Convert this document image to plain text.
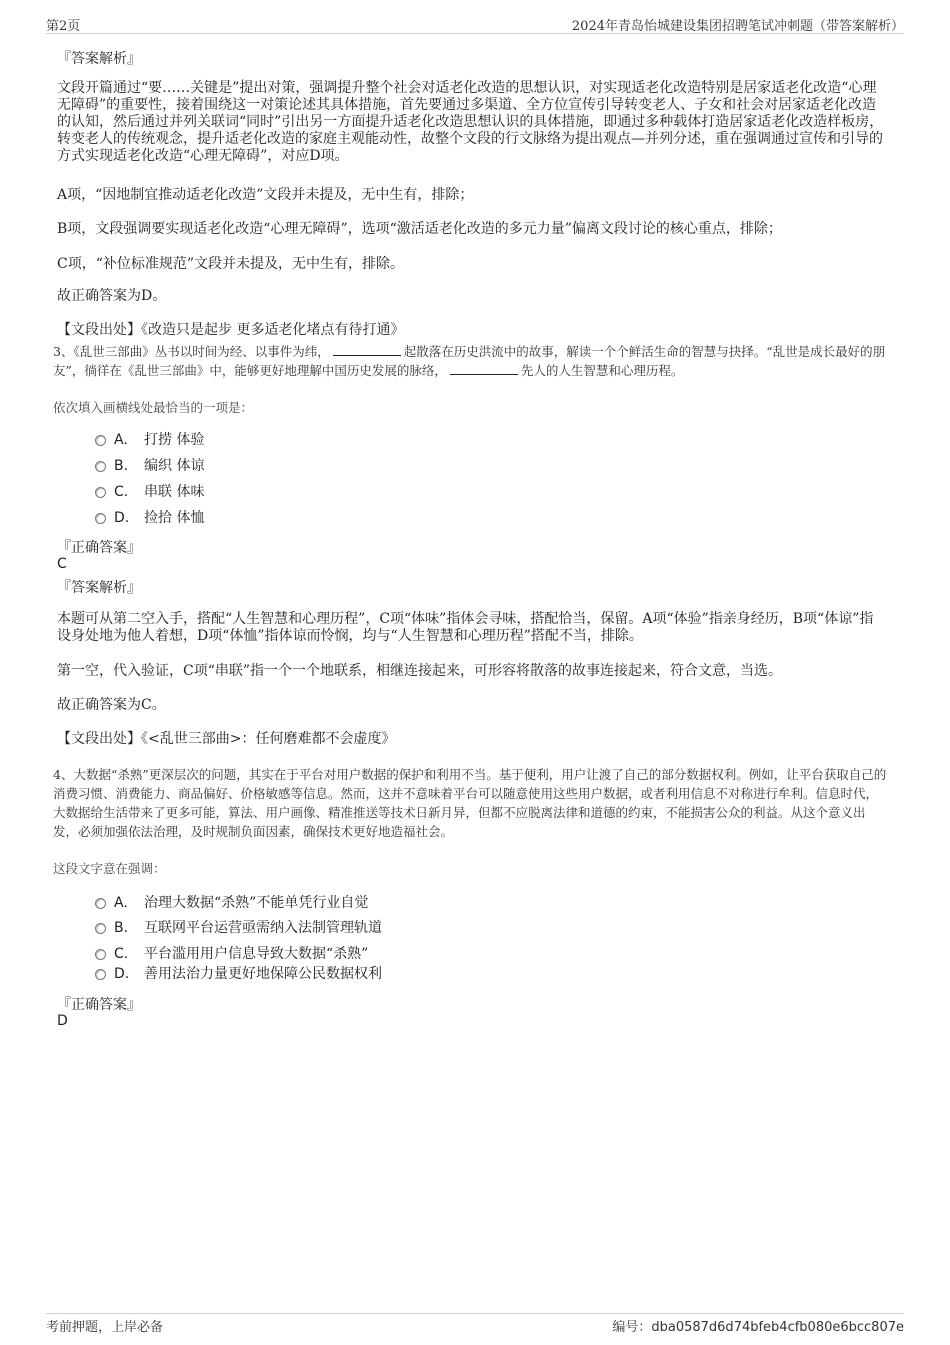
第2页	2024年青岛怡城建设集团招聘笔试冲刺题（带答案解析）
『答案解析』

文段开篇通过“要……关键是”提出对策，强调提升整个社会对适老化改造的思想认识，对实现适老化改造特别是居家适老化改造“心理无障碍”的重要性，接着围绕这一对策论述其具体措施，首先要通过多渠道、全方位宣传引导转变老人、子女和社会对居家适老化改造的认知，然后通过并列关联词“同时”引出另一方面提升适老化改造思想认识的具体措施，即通过多种载体打造居家适老化改造样板房，转变老人的传统观念，提升适老化改造的家庭主观能动性，故整个文段的行文脉络为提出观点—并列分述，重在强调通过宣传和引导的方式实现适老化改造“心理无障碍”，对应D项。

A项，“因地制宜推动适老化改造”文段并未提及，无中生有，排除；

B项，文段强调要实现适老化改造“心理无障碍”，选项“激活适老化改造的多元力量”偏离文段讨论的核心重点，排除；

C项，“补位标准规范”文段并未提及，无中生有，排除。

故正确答案为D。

【文段出处】《改造只是起步 更多适老化堵点有待打通》

3、《乱世三部曲》丛书以时间为经、以事件为纬，	起散落在历史洪流中的故事，解读一个个鲜活生命的智慧与抉择。“乱世是成长最好的朋友”，徜徉在《乱世三部曲》中，能够更好地理解中国历史发展的脉络，	先人的人生智慧和心理历程。
依次填入画横线处最恰当的一项是：
A. 打捞 体验
B. 编织 体谅
C. 串联 体味
D. 捡拾 体恤
『正确答案』
C
『答案解析』

本题可从第二空入手，搭配“人生智慧和心理历程”，C项“体味”指体会寻味，搭配恰当，保留。A项“体验”指亲身经历，B项“体谅”指设身处地为他人着想，D项“体恤”指体谅而怜悯，均与“人生智慧和心理历程”搭配不当，排除。

第一空，代入验证，C项“串联”指一个一个地联系，相继连接起来，可形容将散落的故事连接起来，符合文意，当选。

故正确答案为C。

【文段出处】《<乱世三部曲>：任何磨难都不会虚度》

4、大数据“杀熟”更深层次的问题，其实在于平台对用户数据的保护和利用不当。基于便利，用户让渡了自己的部分数据权利。例如，让平台获取自己的消费习惯、消费能力、商品偏好、价格敏感等信息。然而，这并不意味着平台可以随意使用这些用户数据，或者利用信息不对称进行牟利。信息时代，大数据给生活带来了更多可能，算法、用户画像、精准推送等技术日新月异，但都不应脱离法律和道德的约束，不能损害公众的利益。从这个意义出发，必须加强依法治理，及时规制负面因素，确保技术更好地造福社会。
这段文字意在强调：
A. 治理大数据“杀熟”不能单凭行业自觉
B. 互联网平台运营亟需纳入法制管理轨道
C. 平台滥用用户信息导致大数据“杀熟”
D. 善用法治力量更好地保障公民数据权利
『正确答案』
D
考前押题，上岸必备	编号：dba0587d6d74bfeb4cfb080e6bcc807e
